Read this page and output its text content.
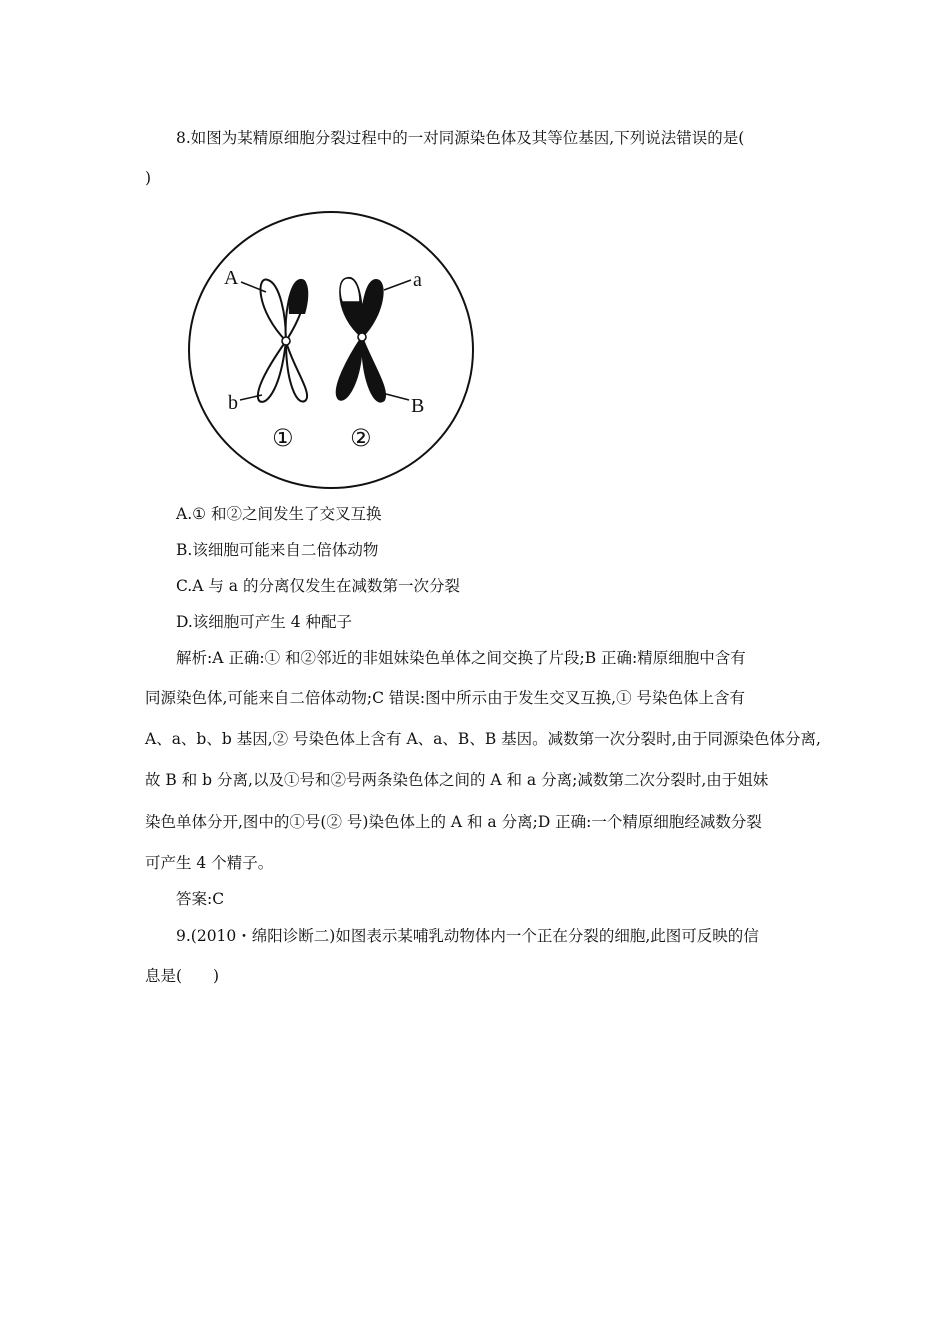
8.如图为某精原细胞分裂过程中的一对同源染色体及其等位基因,下列说法错误的是(
)
A	a
b	B
① ②
A.① 和②之间发生了交叉互换
B.该细胞可能来自二倍体动物
C.A 与 a 的分离仅发生在减数第一次分裂
D.该细胞可产生 4 种配子
解析:A 正确:① 和②邻近的非姐妹染色单体之间交换了片段;B 正确:精原细胞中含有
同源染色体,可能来自二倍体动物;C 错误:图中所示由于发生交叉互换,① 号染色体上含有
A、a、b、b 基因,② 号染色体上含有 A、a、B、B 基因。减数第一次分裂时,由于同源染色体分离,
故 B 和 b 分离,以及①号和②号两条染色体之间的 A 和 a 分离;减数第二次分裂时,由于姐妹
染色单体分开,图中的①号(② 号)染色体上的 A 和 a 分离;D 正确:一个精原细胞经减数分裂
可产生 4 个精子。
答案:C
9.(2010・绵阳诊断二)如图表示某哺乳动物体内一个正在分裂的细胞,此图可反映的信
息是(　　)
